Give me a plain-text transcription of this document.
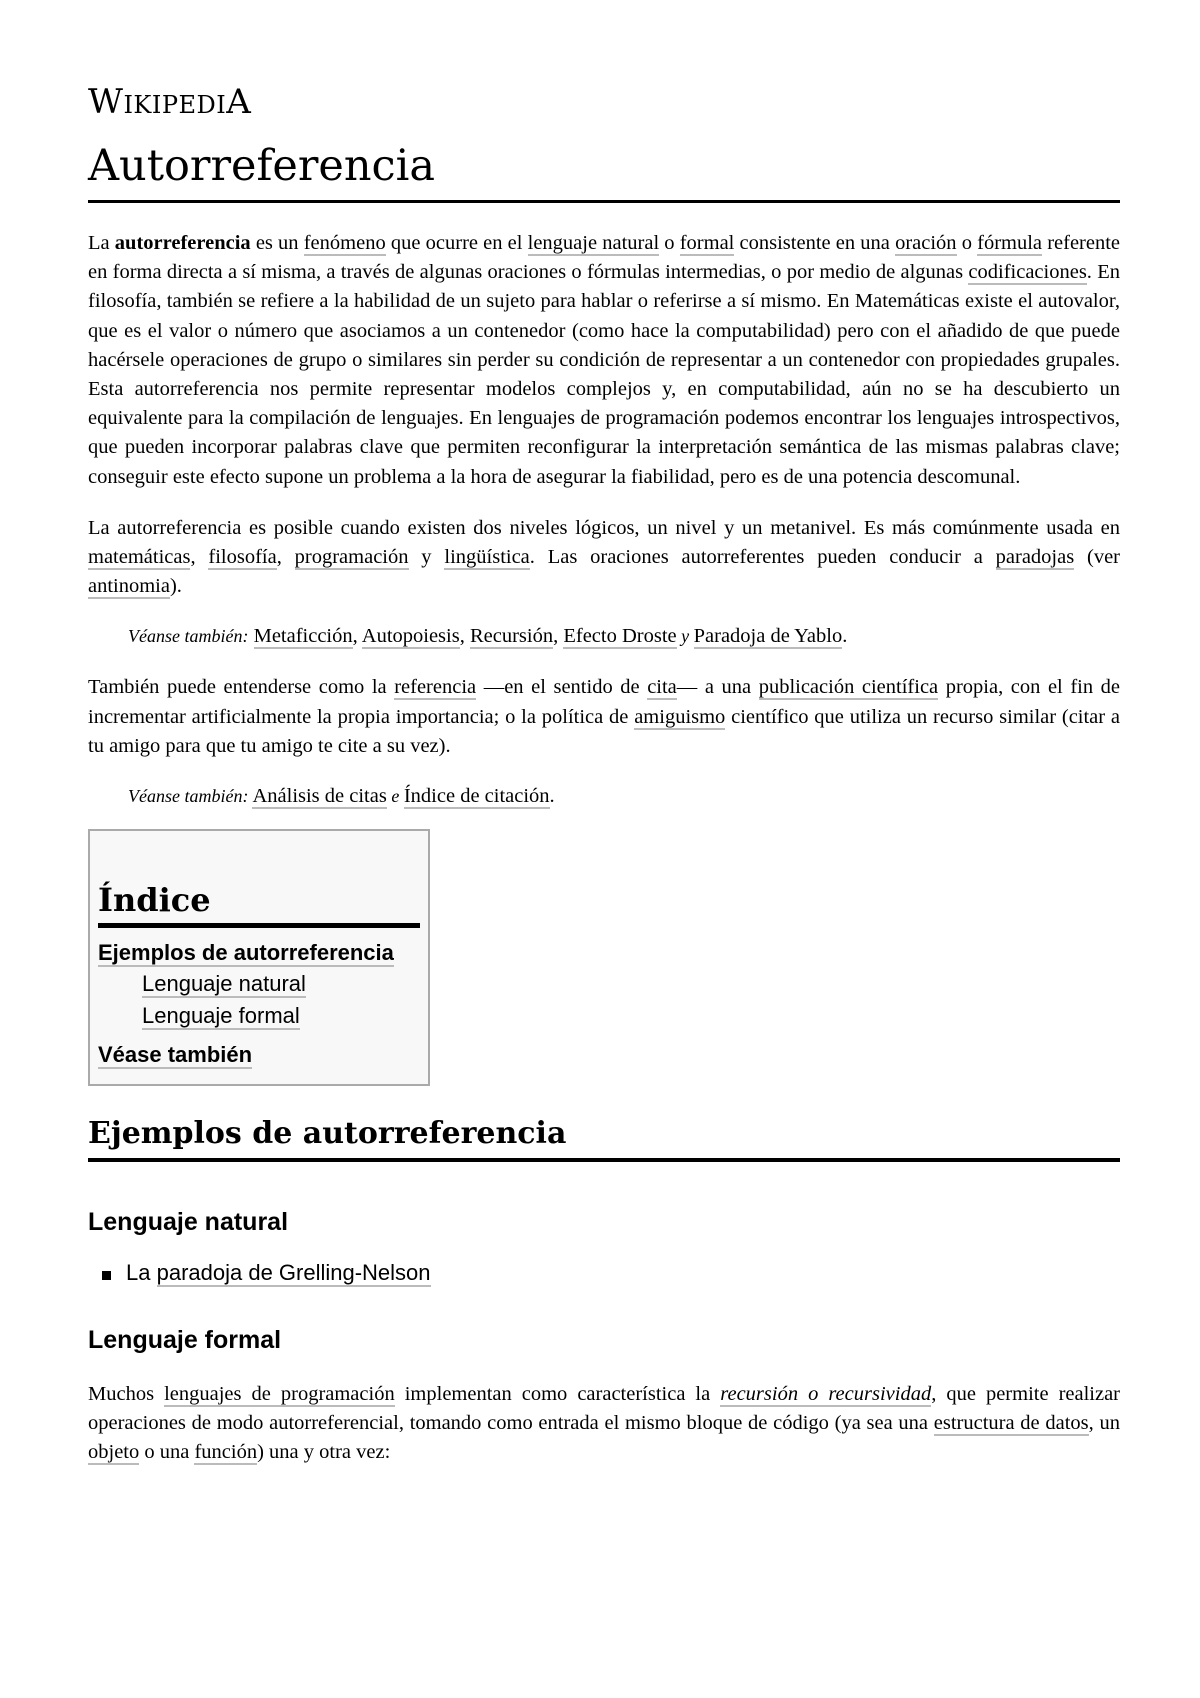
WIKIPEDIA
Autorreferencia

La autorreferencia es un fenómeno que ocurre en el lenguaje natural o formal consistente en una oración o fórmula referente en forma directa a sí misma, a través de algunas oraciones o fórmulas intermedias, o por medio de algunas codificaciones. En filosofía, también se refiere a la habilidad de un sujeto para hablar o referirse a sí mismo. En Matemáticas existe el autovalor, que es el valor o número que asociamos a un contenedor (como hace la computabilidad) pero con el añadido de que puede hacérsele operaciones de grupo o similares sin perder su condición de representar a un contenedor con propiedades grupales. Esta autorreferencia nos permite representar modelos complejos y, en computabilidad, aún no se ha descubierto un equivalente para la compilación de lenguajes. En lenguajes de programación podemos encontrar los lenguajes introspectivos, que pueden incorporar palabras clave que permiten reconfigurar la interpretación semántica de las mismas palabras clave; conseguir este efecto supone un problema a la hora de asegurar la fiabilidad, pero es de una potencia descomunal.

La autorreferencia es posible cuando existen dos niveles lógicos, un nivel y un metanivel. Es más comúnmente usada en matemáticas, filosofía, programación y lingüística. Las oraciones autorreferentes pueden conducir a paradojas (ver antinomia).

Véanse también: Metaficción, Autopoiesis, Recursión, Efecto Droste y Paradoja de Yablo.

También puede entenderse como la referencia —en el sentido de cita— a una publicación científica propia, con el fin de incrementar artificialmente la propia importancia; o la política de amiguismo científico que utiliza un recurso similar (citar a tu amigo para que tu amigo te cite a su vez).

Véanse también: Análisis de citas e Índice de citación.
Índice
Ejemplos de autorreferencia
Lenguaje natural
Lenguaje formal
Véase también
Ejemplos de autorreferencia
Lenguaje natural
La paradoja de Grelling-Nelson
Lenguaje formal

Muchos lenguajes de programación implementan como característica la recursión o recursividad, que permite realizar operaciones de modo autorreferencial, tomando como entrada el mismo bloque de código (ya sea una estructura de datos, un objeto o una función) una y otra vez:
